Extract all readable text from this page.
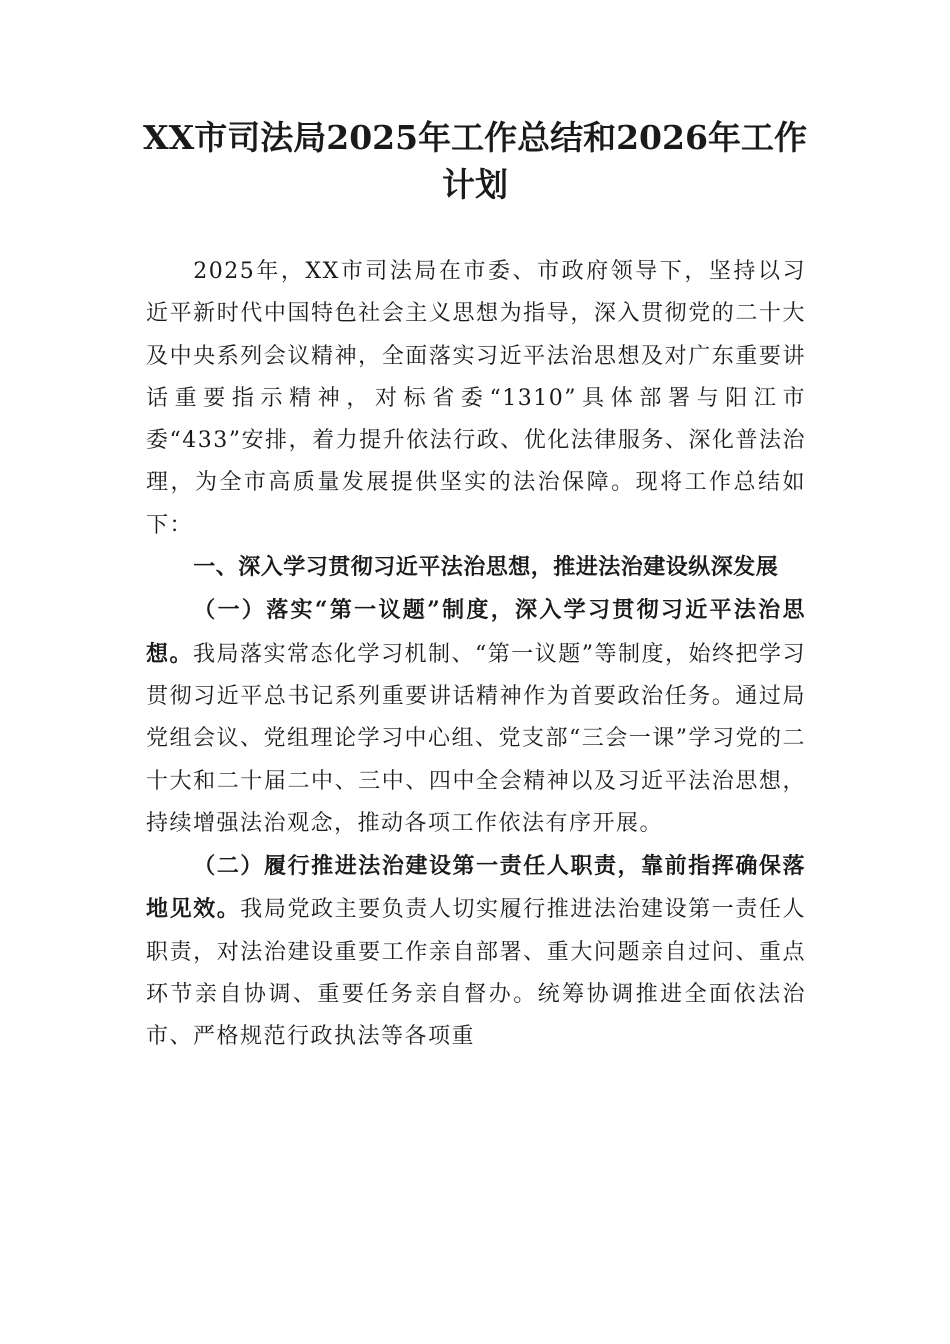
XX市司法局2025年工作总结和2026年工作计划

2025年，XX市司法局在市委、市政府领导下，坚持以习近平新时代中国特色社会主义思想为指导，深入贯彻党的二十大及中央系列会议精神，全面落实习近平法治思想及对广东重要讲话重要指示精神，对标省委“1310”具体部署与阳江市委“433”安排，着力提升依法行政、优化法律服务、深化普法治理，为全市高质量发展提供坚实的法治保障。现将工作总结如下：

一、深入学习贯彻习近平法治思想，推进法治建设纵深发展

（一）落实“第一议题”制度，深入学习贯彻习近平法治思想。我局落实常态化学习机制、“第一议题”等制度，始终把学习贯彻习近平总书记系列重要讲话精神作为首要政治任务。通过局党组会议、党组理论学习中心组、党支部“三会一课”学习党的二十大和二十届二中、三中、四中全会精神以及习近平法治思想，持续增强法治观念，推动各项工作依法有序开展。

（二）履行推进法治建设第一责任人职责，靠前指挥确保落地见效。我局党政主要负责人切实履行推进法治建设第一责任人职责，对法治建设重要工作亲自部署、重大问题亲自过问、重点环节亲自协调、重要任务亲自督办。统筹协调推进全面依法治市、严格规范行政执法等各项重
